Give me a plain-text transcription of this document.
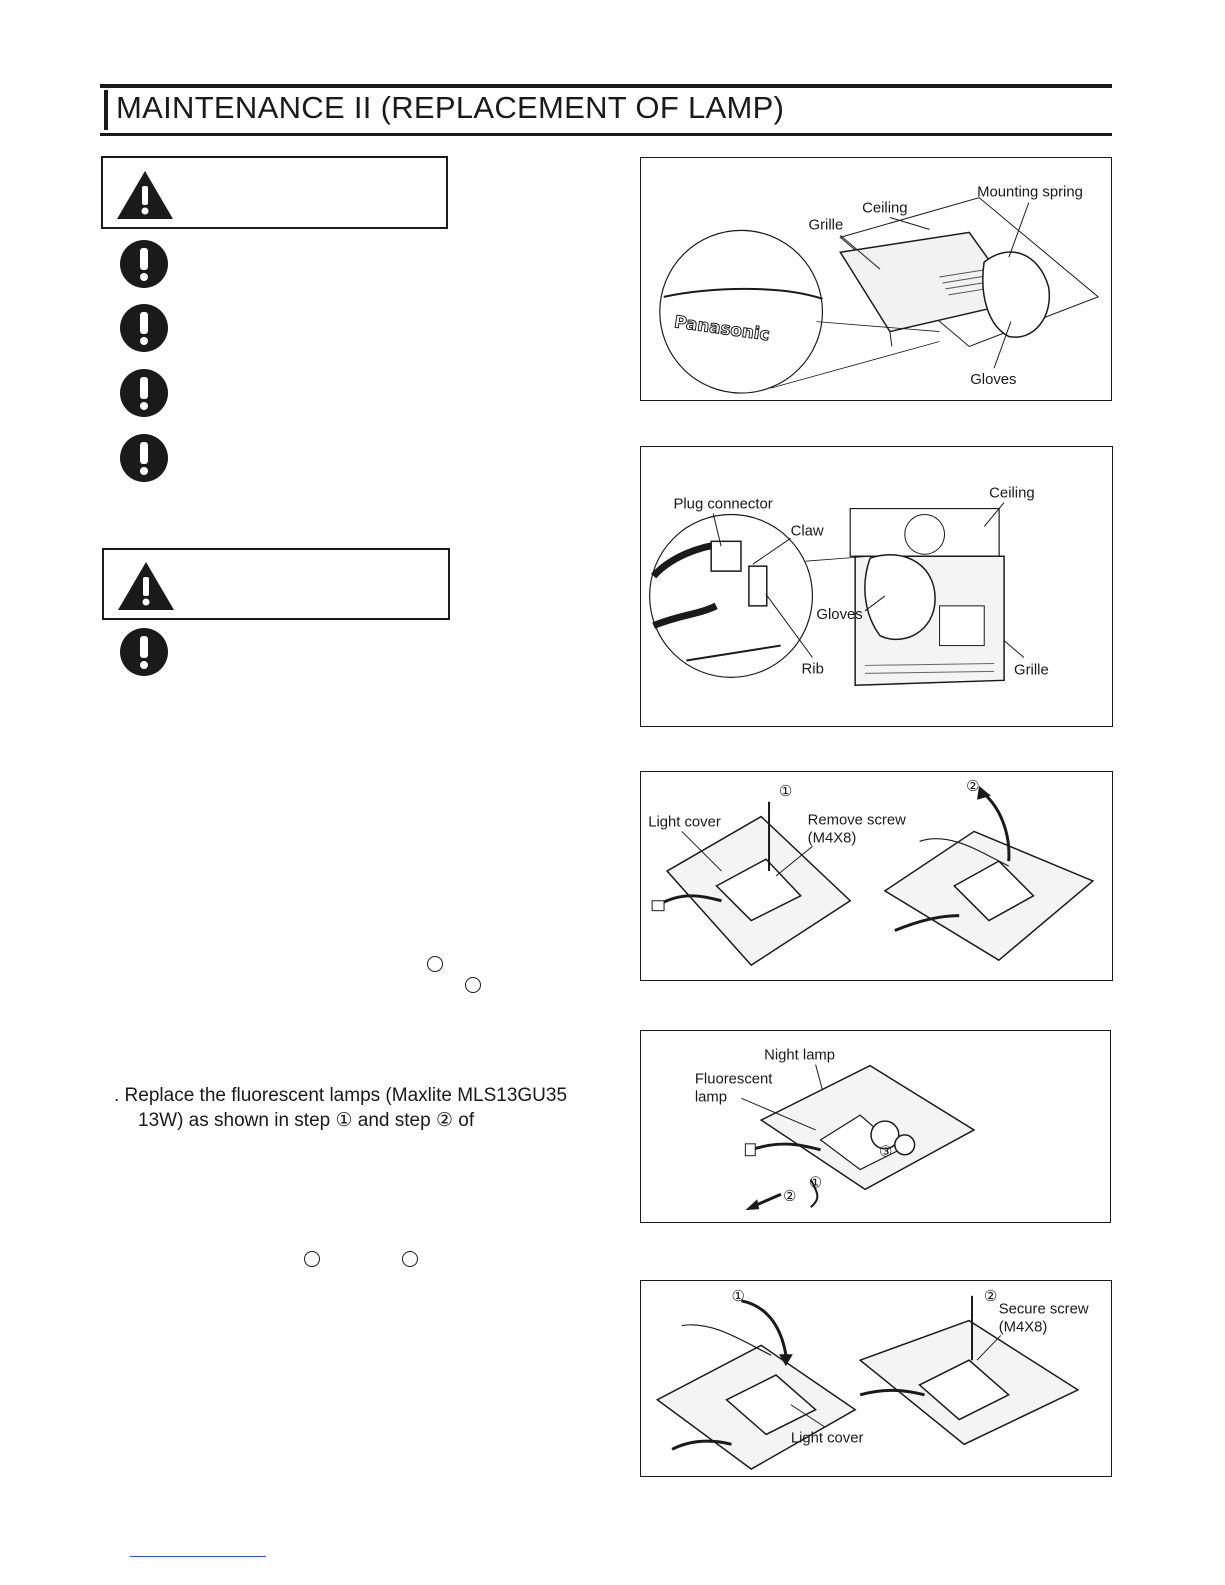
MAINTENANCE II (REPLACEMENT OF LAMP)
. Replace the fluorescent lamps (Maxlite MLS13GU35
13W) as shown in step ① and step ② of
Panasonic
Ceiling
Mounting spring
Grille
Gloves
Plug connector
Claw
Ceiling
Gloves
Rib	Grille
①	②
Light cover	Remove screw
(M4X8)
Night lamp
Fluorescent
lamp
①
②
③
①	②
Secure screw
(M4X8)
Light cover
